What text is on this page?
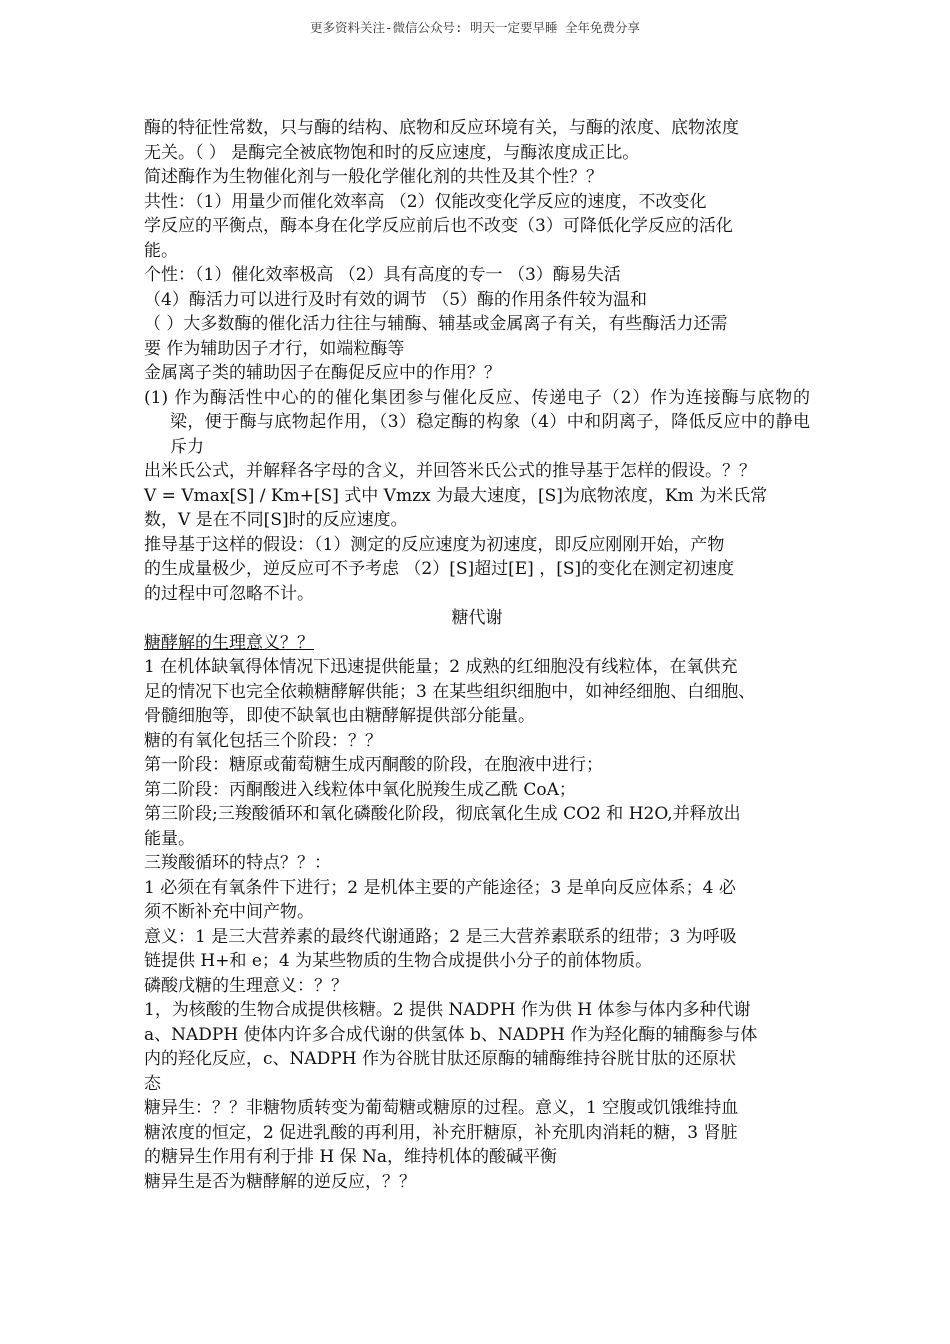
更多资料关注-微信公众号: 明天一定要早睡 全年免费分享

酶的特征性常数，只与酶的结构、底物和反应环境有关，与酶的浓度、底物浓度

无关。（ ） 是酶完全被底物饱和时的反应速度，与酶浓度成正比。

简述酶作为生物催化剂与一般化学催化剂的共性及其个性？？

共性：（1）用量少而催化效率高 （2）仅能改变化学反应的速度，不改变化

学反应的平衡点，酶本身在化学反应前后也不改变（3）可降低化学反应的活化

能。

个性：（1）催化效率极高 （2）具有高度的专一 （3）酶易失活

（4）酶活力可以进行及时有效的调节 （5）酶的作用条件较为温和

（ ）大多数酶的催化活力往往与辅酶、辅基或金属离子有关，有些酶活力还需

要 作为辅助因子才行，如端粒酶等

金属离子类的辅助因子在酶促反应中的作用？？

(1) 作为酶活性中心的的催化集团参与催化反应、传递电子（2）作为连接酶与底物的梁，便于酶与底物起作用，（3）稳定酶的构象（4）中和阴离子，降低反应中的静电斥力

出米氏公式，并解释各字母的含义，并回答米氏公式的推导基于怎样的假设。？？

V = Vmax[S] / Km+[S] 式中 Vmzx 为最大速度，[S]为底物浓度，Km 为米氏常

数，V 是在不同[S]时的反应速度。

推导基于这样的假设：（1）测定的反应速度为初速度，即反应刚刚开始，产物

的生成量极少，逆反应可不予考虑 （2）[S]超过[E] ，[S]的变化在测定初速度

的过程中可忽略不计。

糖代谢

糖酵解的生理意义？？

1 在机体缺氧得体情况下迅速提供能量；2 成熟的红细胞没有线粒体，在氧供充

足的情况下也完全依赖糖酵解供能；3 在某些组织细胞中，如神经细胞、白细胞、

骨髓细胞等，即使不缺氧也由糖酵解提供部分能量。

糖的有氧化包括三个阶段：？？

第一阶段：糖原或葡萄糖生成丙酮酸的阶段，在胞液中进行；

第二阶段：丙酮酸进入线粒体中氧化脱羧生成乙酰 CoA；

第三阶段;三羧酸循环和氧化磷酸化阶段，彻底氧化生成 CO2 和 H2O,并释放出

能量。

三羧酸循环的特点？？：

1 必须在有氧条件下进行；2 是机体主要的产能途径；3 是单向反应体系；4 必

须不断补充中间产物。

意义：1 是三大营养素的最终代谢通路；2 是三大营养素联系的纽带；3 为呼吸

链提供 H+和 e；4 为某些物质的生物合成提供小分子的前体物质。

磷酸戊糖的生理意义：？？

1，为核酸的生物合成提供核糖。2 提供 NADPH 作为供 H 体参与体内多种代谢

a、NADPH 使体内许多合成代谢的供氢体 b、NADPH 作为羟化酶的辅酶参与体

内的羟化反应，c、NADPH 作为谷胱甘肽还原酶的辅酶维持谷胱甘肽的还原状

态

糖异生：？？非糖物质转变为葡萄糖或糖原的过程。意义，1 空腹或饥饿维持血

糖浓度的恒定，2 促进乳酸的再利用，补充肝糖原，补充肌肉消耗的糖，3 肾脏

的糖异生作用有利于排 H 保 Na，维持机体的酸碱平衡

糖异生是否为糖酵解的逆反应，？？
